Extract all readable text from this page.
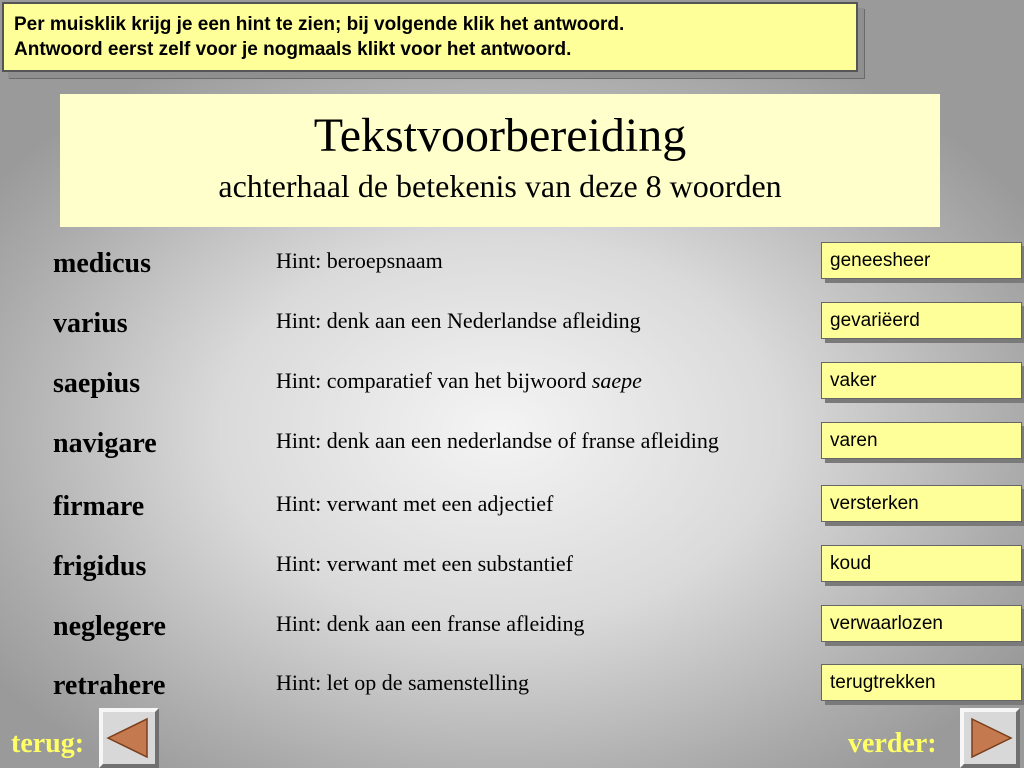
Per muisklik krijg je een hint te zien; bij volgende klik het antwoord.
Antwoord eerst zelf voor je nogmaals klikt voor het antwoord.
Tekstvoorbereiding
achterhaal de betekenis van deze 8 woorden
medicus	Hint: beroepsnaam	geneesheer
varius	Hint: denk aan een Nederlandse afleiding	gevariëerd
saepius	Hint: comparatief van het bijwoord saepe	vaker
navigare	Hint: denk aan een nederlandse of franse afleiding	varen
firmare	Hint: verwant met een adjectief	versterken
frigidus	Hint: verwant met een substantief	koud
neglegere	Hint: denk aan een franse afleiding	verwaarlozen
retrahere	Hint: let op de samenstelling	terugtrekken
terug:	verder:
